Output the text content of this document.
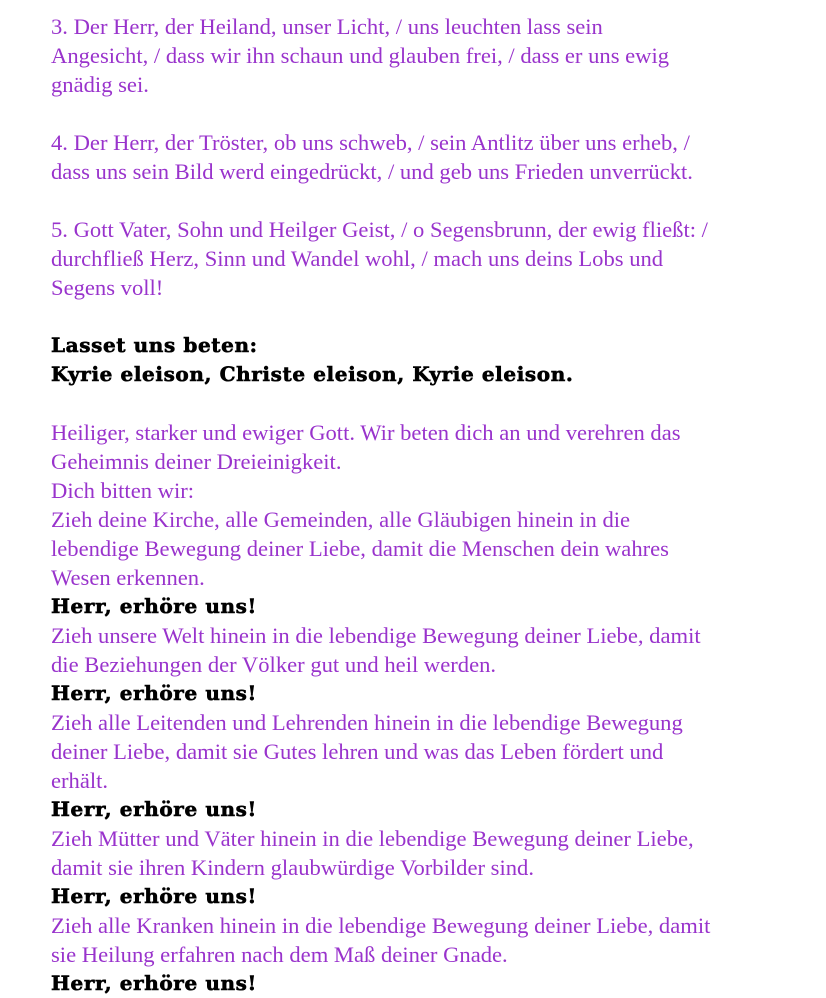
3. Der Herr, der Heiland, unser Licht, / uns leuchten lass sein
Angesicht, / dass wir ihn schaun und glauben frei, / dass er uns ewig
gnädig sei.
4. Der Herr, der Tröster, ob uns schweb, / sein Antlitz über uns erheb, /
dass uns sein Bild werd eingedrückt, / und geb uns Frieden unverrückt.
5. Gott Vater, Sohn und Heilger Geist, / o Segensbrunn, der ewig fließt: /
durchfließ Herz, Sinn und Wandel wohl, / mach uns deins Lobs und
Segens voll!
Lasset uns beten:
Kyrie eleison, Christe eleison, Kyrie eleison.
Heiliger, starker und ewiger Gott. Wir beten dich an und verehren das
Geheimnis deiner Dreieinigkeit.
Dich bitten wir:
Zieh deine Kirche, alle Gemeinden, alle Gläubigen hinein in die
lebendige Bewegung deiner Liebe, damit die Menschen dein wahres
Wesen erkennen.
Herr, erhöre uns!
Zieh unsere Welt hinein in die lebendige Bewegung deiner Liebe, damit
die Beziehungen der Völker gut und heil werden.
Herr, erhöre uns!
Zieh alle Leitenden und Lehrenden hinein in die lebendige Bewegung
deiner Liebe, damit sie Gutes lehren und was das Leben fördert und
erhält.
Herr, erhöre uns!
Zieh Mütter und Väter hinein in die lebendige Bewegung deiner Liebe,
damit sie ihren Kindern glaubwürdige Vorbilder sind.
Herr, erhöre uns!
Zieh alle Kranken hinein in die lebendige Bewegung deiner Liebe, damit
sie Heilung erfahren nach dem Maß deiner Gnade.
Herr, erhöre uns!
